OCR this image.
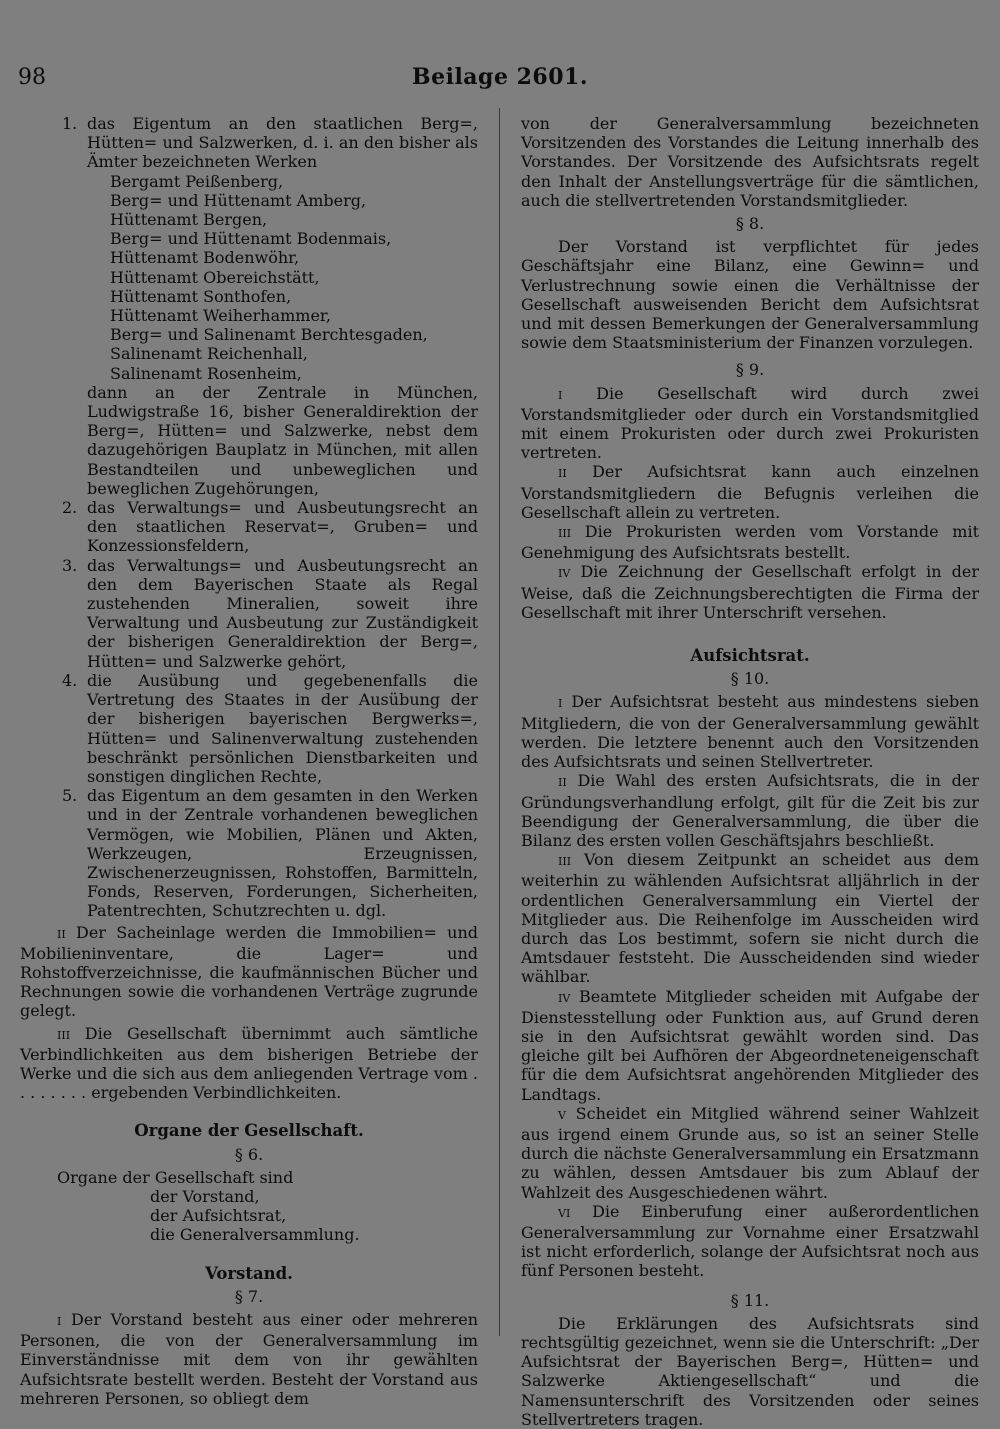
98	Beilage 2601.
1. das Eigentum an den staatlichen Berg=, Hütten= und Salzwerken, d. i. an den bisher als Ämter bezeichneten Werken

Bergamt Peißenberg,

Berg= und Hüttenamt Amberg,

Hüttenamt Bergen,

Berg= und Hüttenamt Bodenmais,

Hüttenamt Bodenwöhr,

Hüttenamt Obereichstätt,

Hüttenamt Sonthofen,

Hüttenamt Weiherhammer,

Berg= und Salinenamt Berchtesgaden,

Salinenamt Reichenhall,

Salinenamt Rosenheim,

dann an der Zentrale in München, Ludwigstraße 16, bisher Generaldirektion der Berg=, Hütten= und Salzwerke, nebst dem dazugehörigen Bauplatz in München, mit allen Bestandteilen und unbeweglichen und beweglichen Zugehörungen,

2. das Verwaltungs= und Ausbeutungsrecht an den staatlichen Reservat=, Gruben= und Konzessionsfeldern,
3. das Verwaltungs= und Ausbeutungsrecht an den dem Bayerischen Staate als Regal zustehenden Mineralien, soweit ihre Verwaltung und Ausbeutung zur Zuständigkeit der bisherigen Generaldirektion der Berg=, Hütten= und Salzwerke gehört,
4. die Ausübung und gegebenenfalls die Vertretung des Staates in der Ausübung der der bisherigen bayerischen Bergwerks=, Hütten= und Salinenverwaltung zustehenden beschränkt persönlichen Dienstbarkeiten und sonstigen dinglichen Rechte,
5. das Eigentum an dem gesamten in den Werken und in der Zentrale vorhandenen beweglichen Vermögen, wie Mobilien, Plänen und Akten, Werkzeugen, Erzeugnissen, Zwischenerzeugnissen, Rohstoffen, Barmitteln, Fonds, Reserven, Forderungen, Sicherheiten, Patentrechten, Schutzrechten u. dgl.

II Der Sacheinlage werden die Immobilien= und Mobilieninventare, die Lager= und Rohstoffverzeichnisse, die kaufmännischen Bücher und Rechnungen sowie die vorhandenen Verträge zugrunde gelegt.

III Die Gesellschaft übernimmt auch sämtliche Verbindlichkeiten aus dem bisherigen Betriebe der Werke und die sich aus dem anliegenden Vertrage vom . . . . . . . . ergebenden Verbindlichkeiten.

Organe der Gesellschaft.

§ 6.

Organe der Gesellschaft sind

der Vorstand,

der Aufsichtsrat,

die Generalversammlung.

Vorstand.

§ 7.

I Der Vorstand besteht aus einer oder mehreren Personen, die von der Generalversammlung im Einverständnisse mit dem von ihr gewählten Aufsichtsrate bestellt werden. Besteht der Vorstand aus mehreren Personen, so obliegt dem

von der Generalversammlung bezeichneten Vorsitzenden des Vorstandes die Leitung innerhalb des Vorstandes. Der Vorsitzende des Aufsichtsrats regelt den Inhalt der Anstellungsverträge für die sämtlichen, auch die stellvertretenden Vorstandsmitglieder.

§ 8.

Der Vorstand ist verpflichtet für jedes Geschäftsjahr eine Bilanz, eine Gewinn= und Verlustrechnung sowie einen die Verhältnisse der Gesellschaft ausweisenden Bericht dem Aufsichtsrat und mit dessen Bemerkungen der Generalversammlung sowie dem Staatsministerium der Finanzen vorzulegen.

§ 9.

I Die Gesellschaft wird durch zwei Vorstandsmitglieder oder durch ein Vorstandsmitglied mit einem Prokuristen oder durch zwei Prokuristen vertreten.

II Der Aufsichtsrat kann auch einzelnen Vorstandsmitgliedern die Befugnis verleihen die Gesellschaft allein zu vertreten.

III Die Prokuristen werden vom Vorstande mit Genehmigung des Aufsichtsrats bestellt.

IV Die Zeichnung der Gesellschaft erfolgt in der Weise, daß die Zeichnungsberechtigten die Firma der Gesellschaft mit ihrer Unterschrift versehen.

Aufsichtsrat.

§ 10.

I Der Aufsichtsrat besteht aus mindestens sieben Mitgliedern, die von der Generalversammlung gewählt werden. Die letztere benennt auch den Vorsitzenden des Aufsichtsrats und seinen Stellvertreter.

II Die Wahl des ersten Aufsichtsrats, die in der Gründungsverhandlung erfolgt, gilt für die Zeit bis zur Beendigung der Generalversammlung, die über die Bilanz des ersten vollen Geschäftsjahrs beschließt.

III Von diesem Zeitpunkt an scheidet aus dem weiterhin zu wählenden Aufsichtsrat alljährlich in der ordentlichen Generalversammlung ein Viertel der Mitglieder aus. Die Reihenfolge im Ausscheiden wird durch das Los bestimmt, sofern sie nicht durch die Amtsdauer feststeht. Die Ausscheidenden sind wieder wählbar.

IV Beamtete Mitglieder scheiden mit Aufgabe der Dienstesstellung oder Funktion aus, auf Grund deren sie in den Aufsichtsrat gewählt worden sind. Das gleiche gilt bei Aufhören der Abgeordneteneigenschaft für die dem Aufsichtsrat angehörenden Mitglieder des Landtags.

V Scheidet ein Mitglied während seiner Wahlzeit aus irgend einem Grunde aus, so ist an seiner Stelle durch die nächste Generalversammlung ein Ersatzmann zu wählen, dessen Amtsdauer bis zum Ablauf der Wahlzeit des Ausgeschiedenen währt.

VI Die Einberufung einer außerordentlichen Generalversammlung zur Vornahme einer Ersatzwahl ist nicht erforderlich, solange der Aufsichtsrat noch aus fünf Personen besteht.

§ 11.

Die Erklärungen des Aufsichtsrats sind rechtsgültig gezeichnet, wenn sie die Unterschrift: „Der Aufsichtsrat der Bayerischen Berg=, Hütten= und Salzwerke Aktiengesellschaft“ und die Namensunterschrift des Vorsitzenden oder seines Stellvertreters tragen.
